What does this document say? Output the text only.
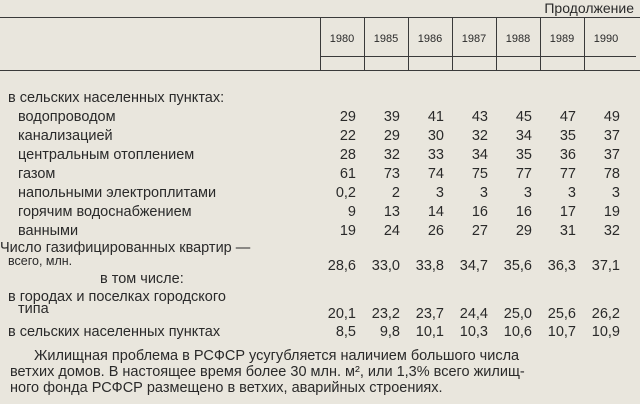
Продолжение
1980	1985	1986	1987	1988	1989	1990
в сельских населенных пунктах:
водопроводом	29	39	41	43	45	47	49
канализацией	22	29	30	32	34	35	37
центральным отоплением	28	32	33	34	35	36	37
газом	61	73	74	75	77	77	78
напольными электроплитами	0,2	2	3	3	3	3	3
горячим водоснабжением	9	13	14	16	16	17	19
ванными	19	24	26	27	29	31	32
Число газифицированных квартир —
всего, млн.	28,6	33,0	33,8	34,7	35,6	36,3	37,1
в том числе:
в городах и поселках городского
типа	20,1	23,2	23,7	24,4	25,0	25,6	26,2
в сельских населенных пунктах	8,5	9,8	10,1	10,3	10,6	10,7	10,9

Жилищная проблема в РСФСР усугубляется наличием большого числа

ветхих домов. В настоящее время более 30 млн. м², или 1,3% всего жилищ-

ного фонда РСФСР размещено в ветхих, аварийных строениях.
